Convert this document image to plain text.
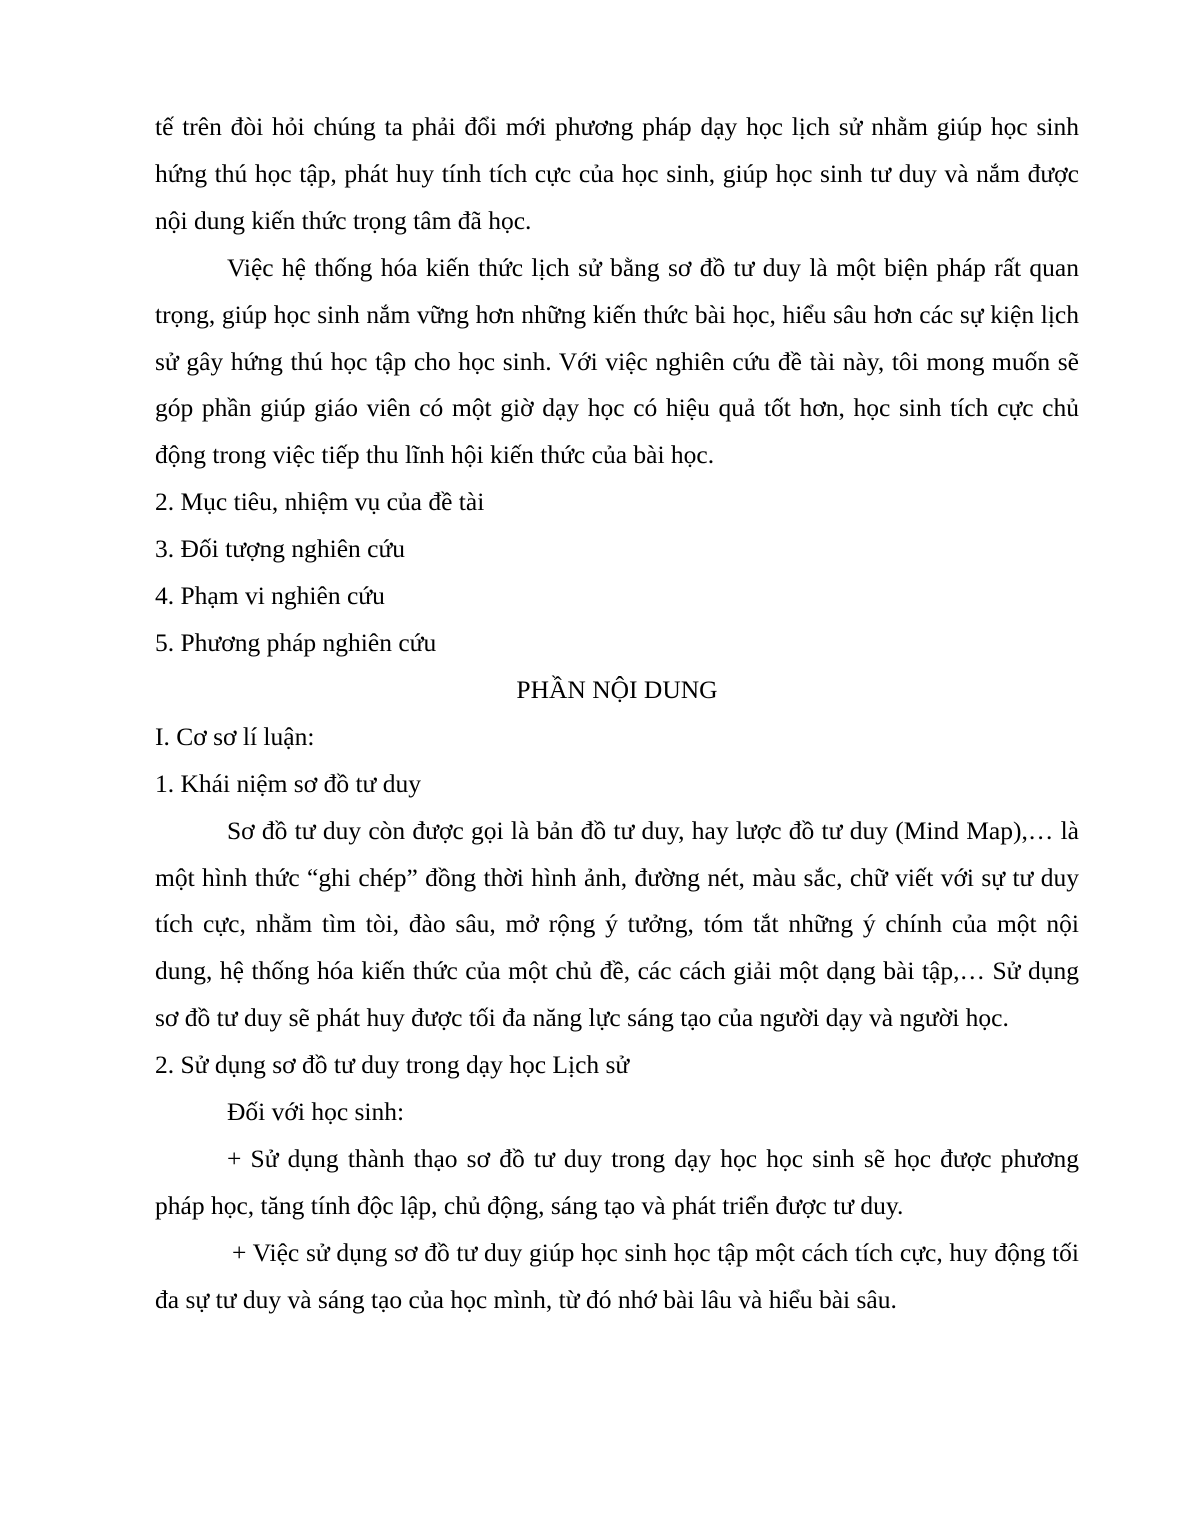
tế trên đòi hỏi chúng ta phải đổi mới phương pháp dạy học lịch sử nhằm giúp học sinh hứng thú học tập, phát huy tính tích cực của học sinh, giúp học sinh tư duy và nắm được nội dung kiến thức trọng tâm đã học.

Việc hệ thống hóa kiến thức lịch sử bằng sơ đồ tư duy là một biện pháp rất quan trọng, giúp học sinh nắm vững hơn những kiến thức bài học, hiểu sâu hơn các sự kiện lịch sử gây hứng thú học tập cho học sinh. Với việc nghiên cứu đề tài này, tôi mong muốn sẽ góp phần giúp giáo viên có một giờ dạy học có hiệu quả tốt hơn, học sinh tích cực chủ động trong việc tiếp thu lĩnh hội kiến thức của bài học.

2. Mục tiêu, nhiệm vụ của đề tài

3. Đối tượng nghiên cứu

4. Phạm vi nghiên cứu

5. Phương pháp nghiên cứu

PHẦN NỘI DUNG

I. Cơ sơ lí luận:

1. Khái niệm sơ đồ tư duy

Sơ đồ tư duy còn được gọi là bản đồ tư duy, hay lược đồ tư duy (Mind Map),… là một hình thức “ghi chép” đồng thời hình ảnh, đường nét, màu sắc, chữ viết với sự tư duy tích cực, nhằm tìm tòi, đào sâu, mở rộng ý tưởng, tóm tắt những ý chính của một nội dung, hệ thống hóa kiến thức của một chủ đề, các cách giải một dạng bài tập,… Sử dụng sơ đồ tư duy sẽ phát huy được tối đa năng lực sáng tạo của người dạy và người học.

2. Sử dụng sơ đồ tư duy trong dạy học Lịch sử

Đối với học sinh:

+ Sử dụng thành thạo sơ đồ tư duy trong dạy học học sinh sẽ học được phương pháp học, tăng tính độc lập, chủ động, sáng tạo và phát triển được tư duy.

+ Việc sử dụng sơ đồ tư duy giúp học sinh học tập một cách tích cực, huy động tối đa sự tư duy và sáng tạo của học mình, từ đó nhớ bài lâu và hiểu bài sâu.
